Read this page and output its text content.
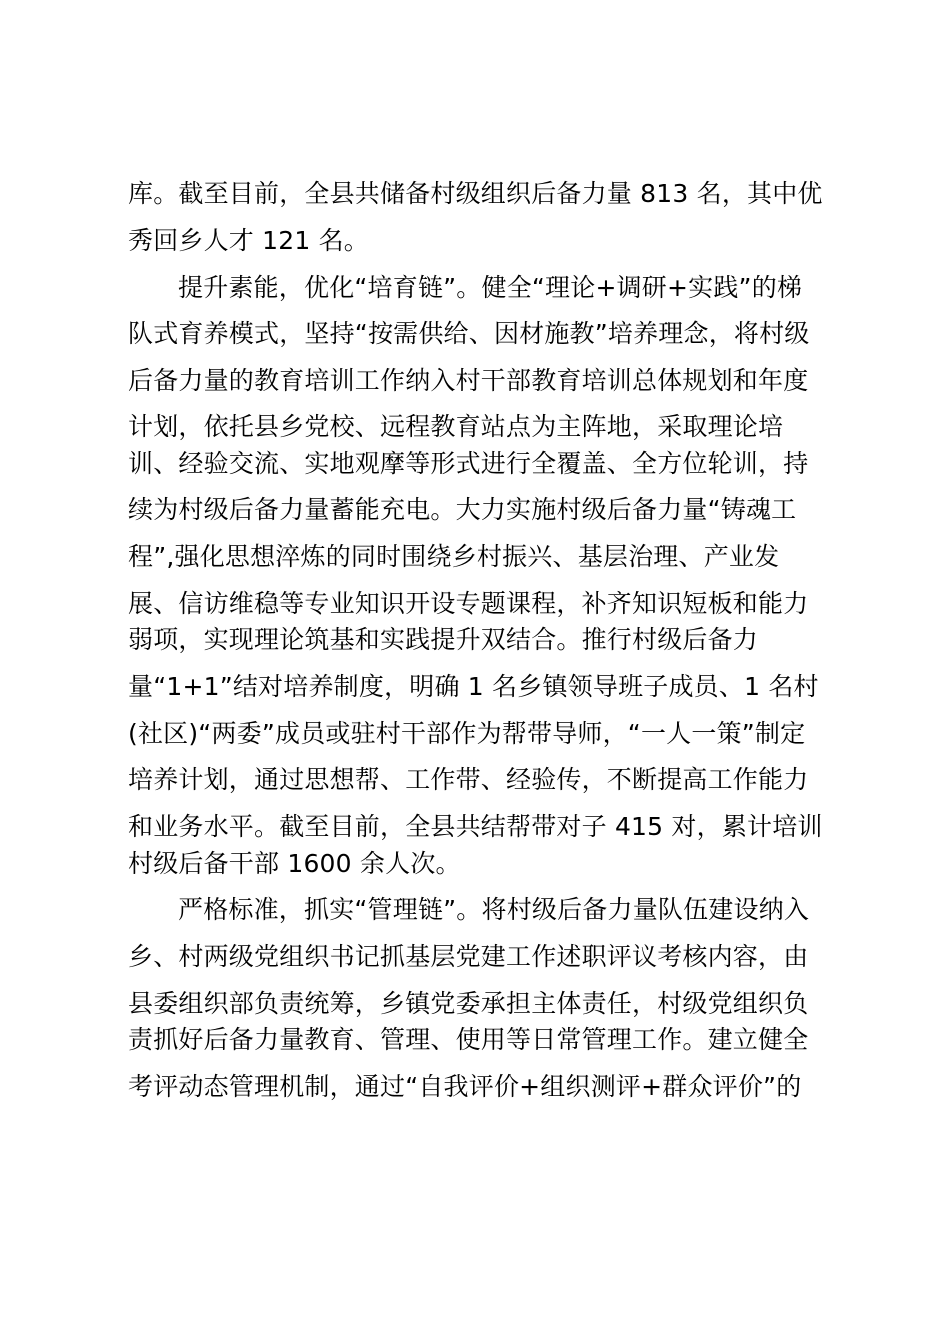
库。截至目前，全县共储备村级组织后备力量 813 名，其中优

秀回乡人才 121 名。

提升素能，优化“培育链”。健全“理论+调研+实践”的梯

队式育养模式，坚持“按需供给、因材施教”培养理念，将村级

后备力量的教育培训工作纳入村干部教育培训总体规划和年度

计划，依托县乡党校、远程教育站点为主阵地，采取理论培

训、经验交流、实地观摩等形式进行全覆盖、全方位轮训，持

续为村级后备力量蓄能充电。大力实施村级后备力量“铸魂工

程”,强化思想淬炼的同时围绕乡村振兴、基层治理、产业发

展、信访维稳等专业知识开设专题课程，补齐知识短板和能力

弱项，实现理论筑基和实践提升双结合。推行村级后备力

量“1+1”结对培养制度，明确 1 名乡镇领导班子成员、1 名村

(社区)“两委”成员或驻村干部作为帮带导师，“一人一策”制定

培养计划，通过思想帮、工作带、经验传，不断提高工作能力

和业务水平。截至目前，全县共结帮带对子 415 对，累计培训

村级后备干部 1600 余人次。

严格标准，抓实“管理链”。将村级后备力量队伍建设纳入

乡、村两级党组织书记抓基层党建工作述职评议考核内容，由

县委组织部负责统筹，乡镇党委承担主体责任，村级党组织负

责抓好后备力量教育、管理、使用等日常管理工作。建立健全

考评动态管理机制，通过“自我评价+组织测评+群众评价”的
